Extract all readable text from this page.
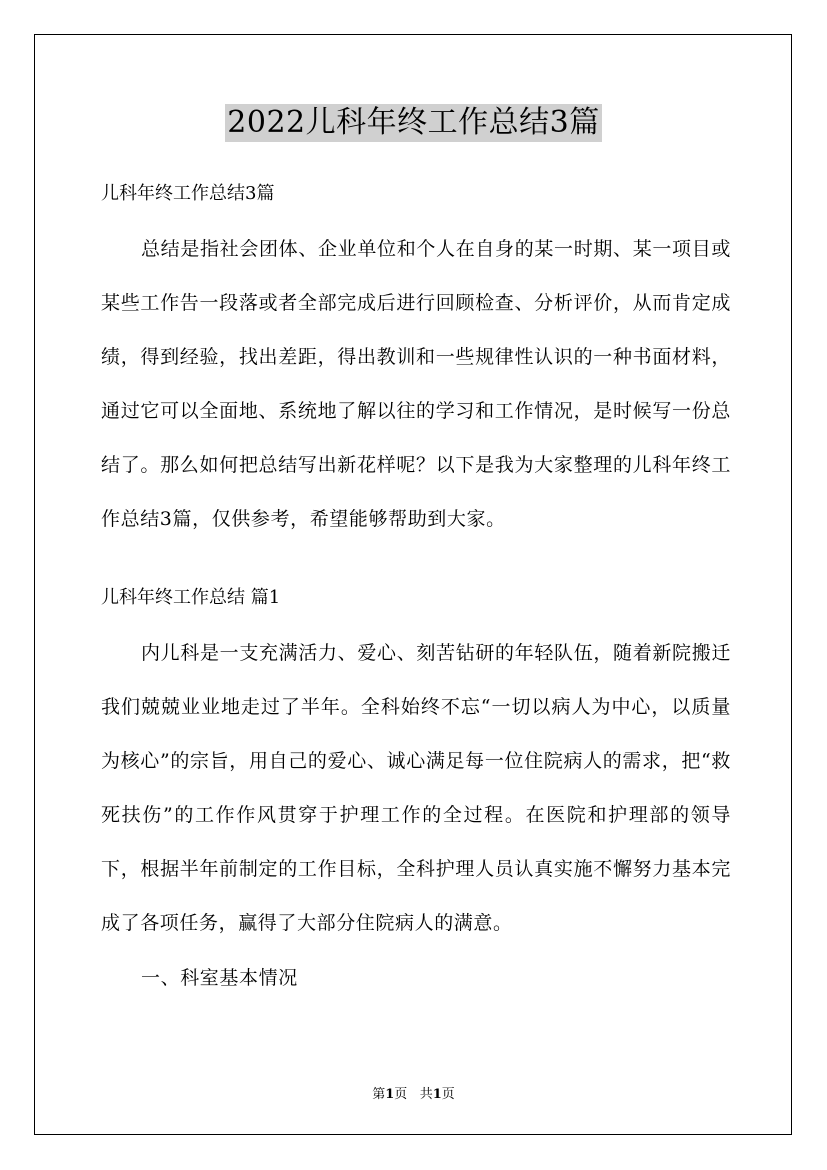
2022儿科年终工作总结3篇

儿科年终工作总结3篇

总结是指社会团体、企业单位和个人在自身的某一时期、某一项目或某些工作告一段落或者全部完成后进行回顾检查、分析评价，从而肯定成绩，得到经验，找出差距，得出教训和一些规律性认识的一种书面材料，通过它可以全面地、系统地了解以往的学习和工作情况，是时候写一份总结了。那么如何把总结写出新花样呢？以下是我为大家整理的儿科年终工作总结3篇，仅供参考，希望能够帮助到大家。

儿科年终工作总结 篇1

内儿科是一支充满活力、爱心、刻苦钻研的年轻队伍，随着新院搬迁我们兢兢业业地走过了半年。全科始终不忘“一切以病人为中心，以质量为核心”的宗旨，用自己的爱心、诚心满足每一位住院病人的需求，把“救死扶伤”的工作作风贯穿于护理工作的全过程。在医院和护理部的领导下，根据半年前制定的工作目标，全科护理人员认真实施不懈努力基本完成了各项任务，赢得了大部分住院病人的满意。

一、科室基本情况

第1页 共1页
